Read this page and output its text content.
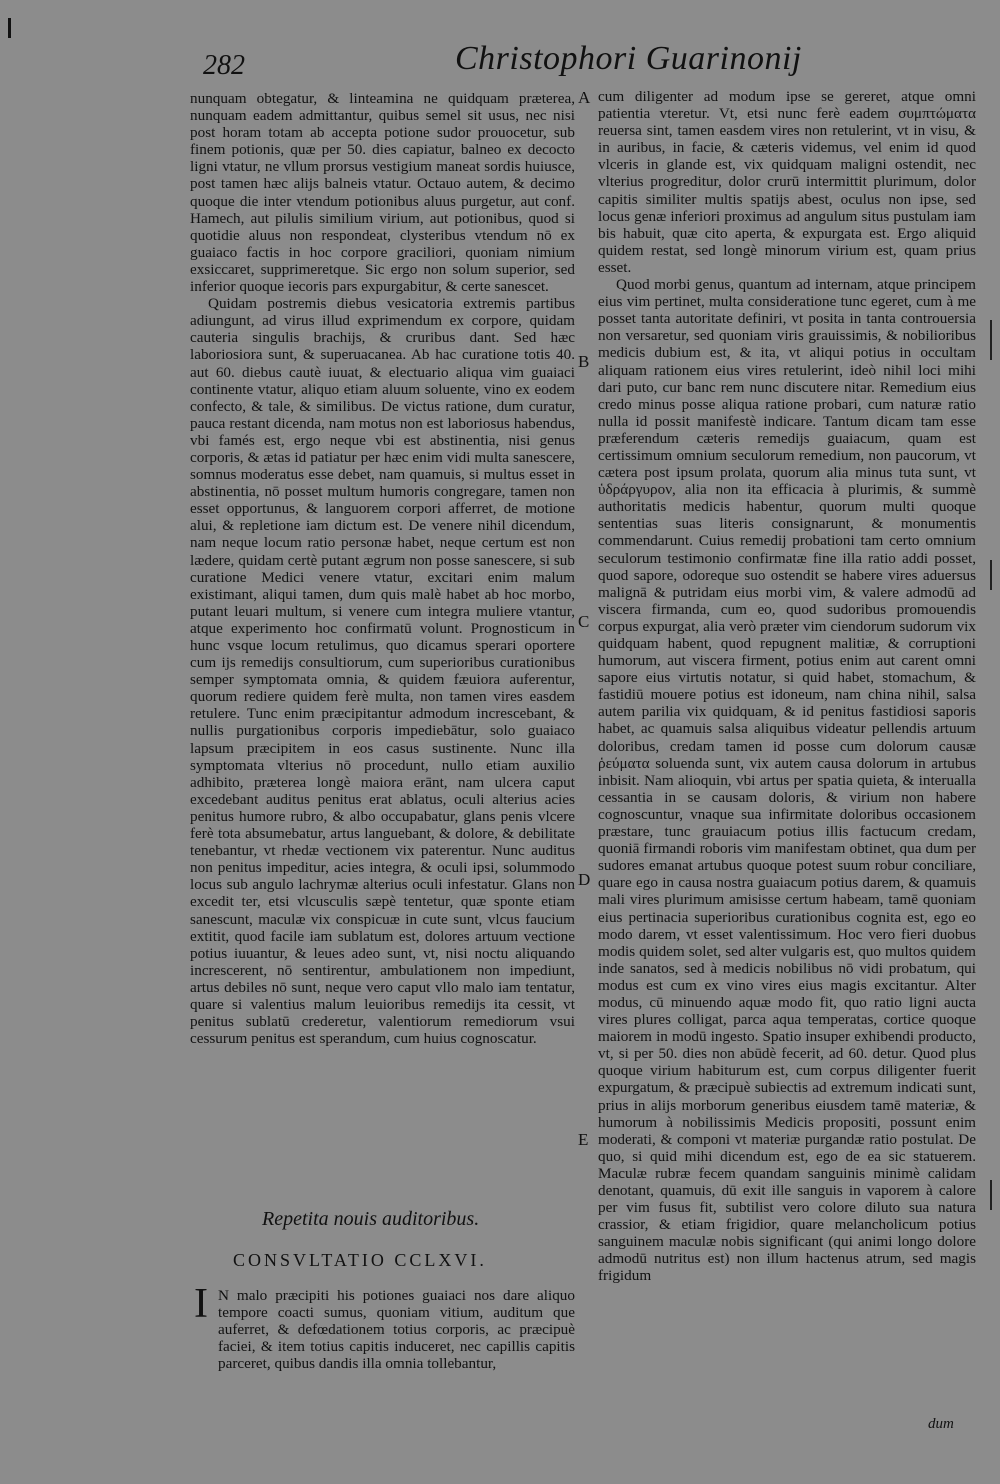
282	Christophori Guarinonij

nunquam obtegatur, & linteamina ne quidquam præterea, nunquam eadem admittantur, quibus semel sit usus, nec nisi post horam totam ab accepta potione sudor prouocetur, sub finem potionis, quæ per 50. dies capiatur, balneo ex decocto ligni vtatur, ne vllum prorsus vestigium maneat sordis huiusce, post tamen hæc alijs balneis vtatur. Octauo autem, & decimo quoque die inter vtendum potionibus aluus purgetur, aut conf. Hamech, aut pilulis similium virium, aut potionibus, quod si quotidie aluus non respondeat, clysteribus vtendum nō ex guaiaco factis in hoc corpore graciliori, quoniam nimium exsiccaret, supprimeretque. Sic ergo non solum superior, sed inferior quoque iecoris pars expurgabitur, & certe sanescet.

Quidam postremis diebus vesicatoria extremis partibus adiungunt, ad virus illud exprimendum ex corpore, quidam cauteria singulis brachijs, & cruribus dant. Sed hæc laboriosiora sunt, & superuacanea. Ab hac curatione totis 40. aut 60. diebus cautè iuuat, & electuario aliqua vim guaiaci continente vtatur, aliquo etiam aluum soluente, vino ex eodem confecto, & tale, & similibus. De victus ratione, dum curatur, pauca restant dicenda, nam motus non est laboriosus habendus, vbi famés est, ergo neque vbi est abstinentia, nisi genus corporis, & ætas id patiatur per hæc enim vidi multa sanescere, somnus moderatus esse debet, nam quamuis, si multus esset in abstinentia, nō posset multum humoris congregare, tamen non esset opportunus, & languorem corpori afferret, de motione alui, & repletione iam dictum est. De venere nihil dicendum, nam neque locum ratio personæ habet, neque certum est non lædere, quidam certè putant ægrum non posse sanescere, si sub curatione Medici venere vtatur, excitari enim malum existimant, aliqui tamen, dum quis malè habet ab hoc morbo, putant leuari multum, si venere cum integra muliere vtantur, atque experimento hoc confirmatū volunt. Prognosticum in hunc vsque locum retulimus, quo dicamus sperari oportere cum ijs remedijs consultiorum, cum superioribus curationibus semper symptomata omnia, & quidem fæuiora auferentur, quorum rediere quidem ferè multa, non tamen vires easdem retulere. Tunc enim præcipitantur admodum increscebant, & nullis purgationibus corporis impediebātur, solo guaiaco lapsum præcipitem in eos casus sustinente. Nunc illa symptomata vlterius nō procedunt, nullo etiam auxilio adhibito, præterea longè maiora erānt, nam ulcera caput excedebant auditus penitus erat ablatus, oculi alterius acies penitus humore rubro, & albo occupabatur, glans penis vlcere ferè tota absumebatur, artus languebant, & dolore, & debilitate tenebantur, vt rhedæ vectionem vix paterentur. Nunc auditus non penitus impeditur, acies integra, & oculi ipsi, solummodo locus sub angulo lachrymæ alterius oculi infestatur. Glans non excedit ter, etsi vlcusculis sæpè tentetur, quæ sponte etiam sanescunt, maculæ vix conspicuæ in cute sunt, vlcus faucium extitit, quod facile iam sublatum est, dolores artuum vectione potius iuuantur, & leues adeo sunt, vt, nisi noctu aliquando increscerent, nō sentirentur, ambulationem non impediunt, artus debiles nō sunt, neque vero caput vllo malo iam tentatur, quare si valentius malum leuioribus remedijs ita cessit, vt penitus sublatū crederetur, valentiorum remediorum vsui cessurum penitus est sperandum, cum huius cognoscatur.

A
B
C
D
E

cum diligenter ad modum ipse se gereret, atque omni patientia vteretur. Vt, etsi nunc ferè eadem συμπτώματα reuersa sint, tamen easdem vires non retulerint, vt in visu, & in auribus, in facie, & cæteris videmus, vel enim id quod vlceris in glande est, vix quidquam maligni ostendit, nec vlterius progreditur, dolor crurū intermittit plurimum, dolor capitis similiter multis spatijs abest, oculus non ipse, sed locus genæ inferiori proximus ad angulum situs pustulam iam bis habuit, quæ cito aperta, & expurgata est. Ergo aliquid quidem restat, sed longè minorum virium est, quam prius esset.

Quod morbi genus, quantum ad internam, atque principem eius vim pertinet, multa consideratione tunc egeret, cum à me posset tanta autoritate definiri, vt posita in tanta controuersia non versaretur, sed quoniam viris grauissimis, & nobilioribus medicis dubium est, & ita, vt aliqui potius in occultam aliquam rationem eius vires retulerint, ideò nihil loci mihi dari puto, cur banc rem nunc discutere nitar. Remedium eius credo minus posse aliqua ratione probari, cum naturæ ratio nulla id possit manifestè indicare. Tantum dicam tam esse præferendum cæteris remedijs guaiacum, quam est certissimum omnium seculorum remedium, non paucorum, vt cætera post ipsum prolata, quorum alia minus tuta sunt, vt ὑδράργυρον, alia non ita efficacia à plurimis, & summè authoritatis medicis habentur, quorum multi quoque sententias suas literis consignarunt, & monumentis commendarunt. Cuius remedij probationi tam certo omnium seculorum testimonio confirmatæ fine illa ratio addi posset, quod sapore, odoreque suo ostendit se habere vires aduersus malignā & putridam eius morbi vim, & valere admodū ad viscera firmanda, cum eo, quod sudoribus promouendis corpus expurgat, alia verò præter vim ciendorum sudorum vix quidquam habent, quod repugnent malitiæ, & corruptioni humorum, aut viscera firment, potius enim aut carent omni sapore eius virtutis notatur, si quid habet, stomachum, & fastidiū mouere potius est idoneum, nam china nihil, salsa autem parilia vix quidquam, & id penitus fastidiosi saporis habet, ac quamuis salsa aliquibus videatur pellendis artuum doloribus, credam tamen id posse cum dolorum causæ ῥεύματα soluenda sunt, vix autem causa dolorum in artubus inbisit. Nam alioquin, vbi artus per spatia quieta, & interualla cessantia in se causam doloris, & virium non habere cognoscuntur, vnaque sua infirmitate doloribus occasionem præstare, tunc grauiacum potius illis factucum credam, quoniā firmandi roboris vim manifestam obtinet, qua dum per sudores emanat artubus quoque potest suum robur conciliare, quare ego in causa nostra guaiacum potius darem, & quamuis mali vires plurimum amisisse certum habeam, tamē quoniam eius pertinacia superioribus curationibus cognita est, ego eo modo darem, vt esset valentissimum. Hoc vero fieri duobus modis quidem solet, sed alter vulgaris est, quo multos quidem inde sanatos, sed à medicis nobilibus nō vidi probatum, qui modus est cum ex vino vires eius magis excitantur. Alter modus, cū minuendo aquæ modo fit, quo ratio ligni aucta vires plures colligat, parca aqua temperatas, cortice quoque maiorem in modū ingesto. Spatio insuper exhibendi producto, vt, si per 50. dies non abūdè fecerit, ad 60. detur. Quod plus quoque virium habiturum est, cum corpus diligenter fuerit expurgatum, & præcipuè subiectis ad extremum indicati sunt, prius in alijs morborum generibus eiusdem tamē materiæ, & humorum à nobilissimis Medicis propositi, possunt enim moderati, & componi vt materiæ purgandæ ratio postulat. De quo, si quid mihi dicendum est, ego de ea sic statuerem. Maculæ rubræ fecem quandam sanguinis minimè calidam denotant, quamuis, dū exit ille sanguis in vaporem à calore per vim fusus fit, subtilist vero colore diluto sua natura crassior, & etiam frigidior, quare melancholicum potius sanguinem maculæ nobis significant (qui animi longo dolore admodū nutritus est) non illum hactenus atrum, sed magis frigidum

Repetita nouis auditoribus.
CONSVLTATIO CCLXVI.
I N malo præcipiti his potiones guaiaci nos dare aliquo tempore coacti sumus, quoniam vitium, auditum que auferret, & defœdationem totius corporis, ac præcipuè faciei, & item totius capitis induceret, nec capillis capitis parceret, quibus dandis illa omnia tollebantur,

dum
